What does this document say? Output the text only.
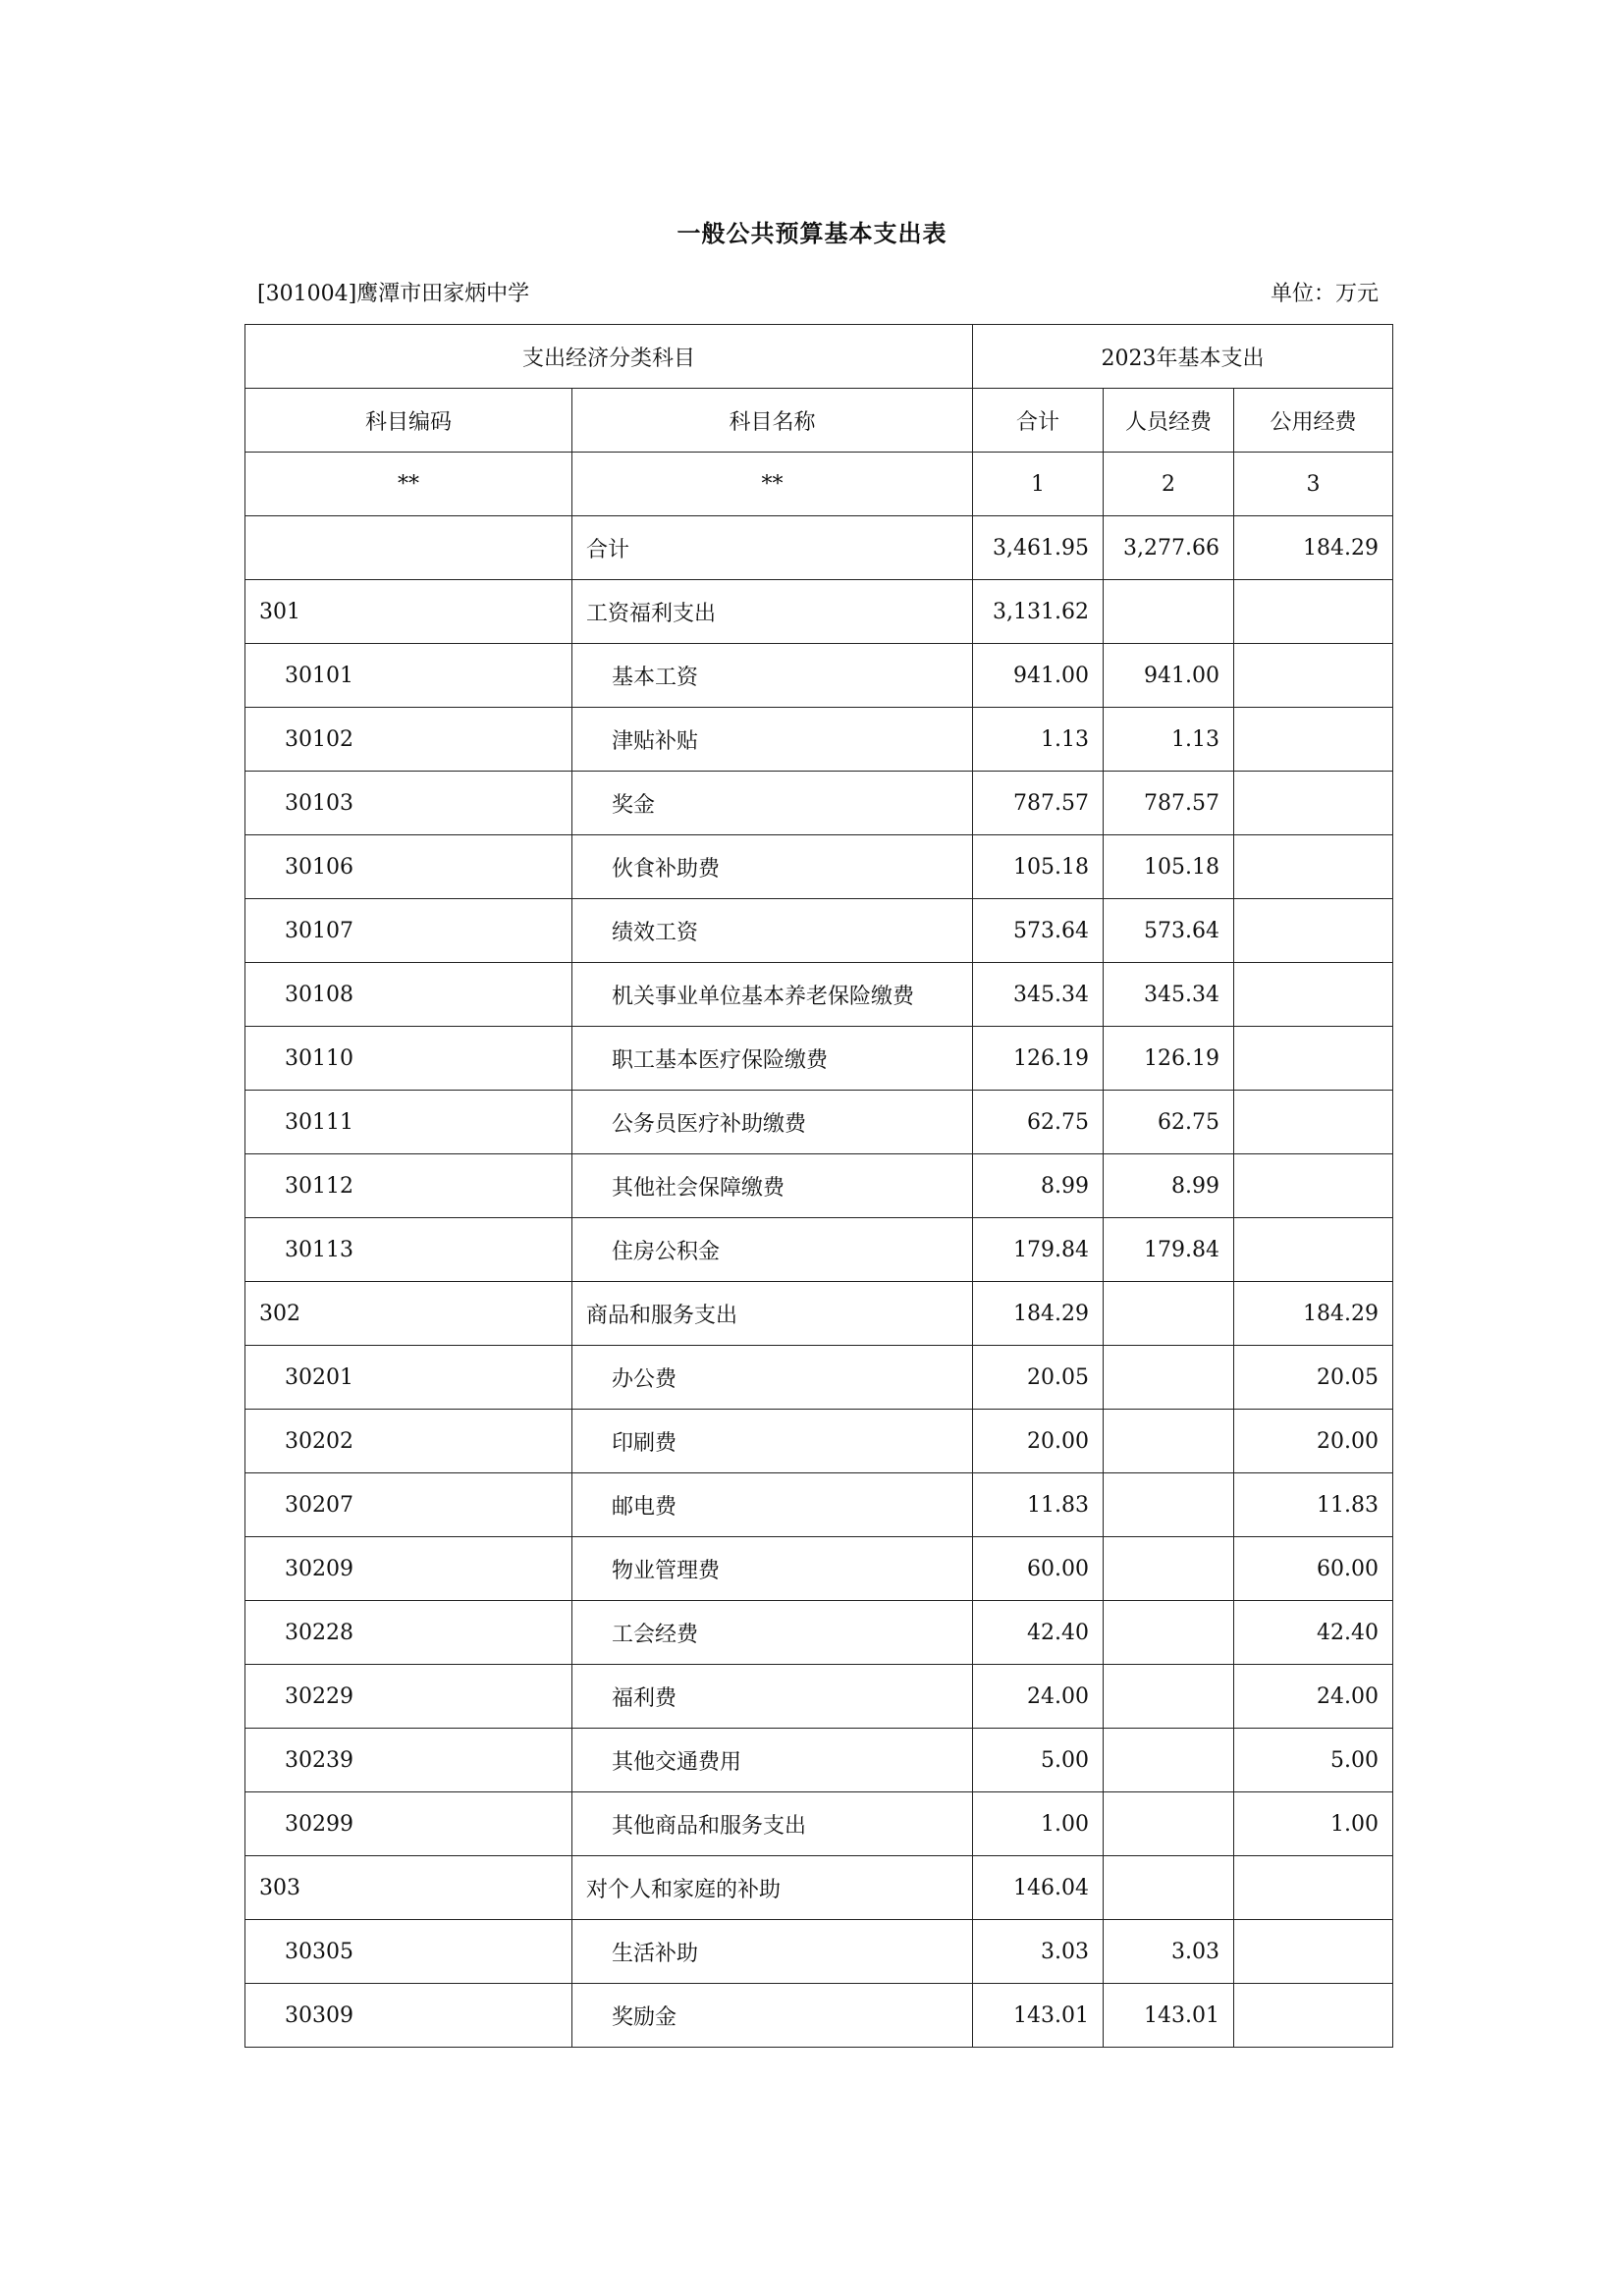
一般公共预算基本支出表
[301004]鹰潭市田家炳中学	单位：万元
支出经济分类科目		2023年基本支出		
科目编码	科目名称	合计	人员经费	公用经费
**	**	1	2	3
	合计	3,461.95	3,277.66	184.29
301	工资福利支出	3,131.62		
30101	基本工资	941.00	941.00	
30102	津贴补贴	1.13	1.13	
30103	奖金	787.57	787.57	
30106	伙食补助费	105.18	105.18	
30107	绩效工资	573.64	573.64	
30108	机关事业单位基本养老保险缴费	345.34	345.34	
30110	职工基本医疗保险缴费	126.19	126.19	
30111	公务员医疗补助缴费	62.75	62.75	
30112	其他社会保障缴费	8.99	8.99	
30113	住房公积金	179.84	179.84	
302	商品和服务支出	184.29		184.29
30201	办公费	20.05		20.05
30202	印刷费	20.00		20.00
30207	邮电费	11.83		11.83
30209	物业管理费	60.00		60.00
30228	工会经费	42.40		42.40
30229	福利费	24.00		24.00
30239	其他交通费用	5.00		5.00
30299	其他商品和服务支出	1.00		1.00
303	对个人和家庭的补助	146.04		
30305	生活补助	3.03	3.03	
30309	奖励金	143.01	143.01	
